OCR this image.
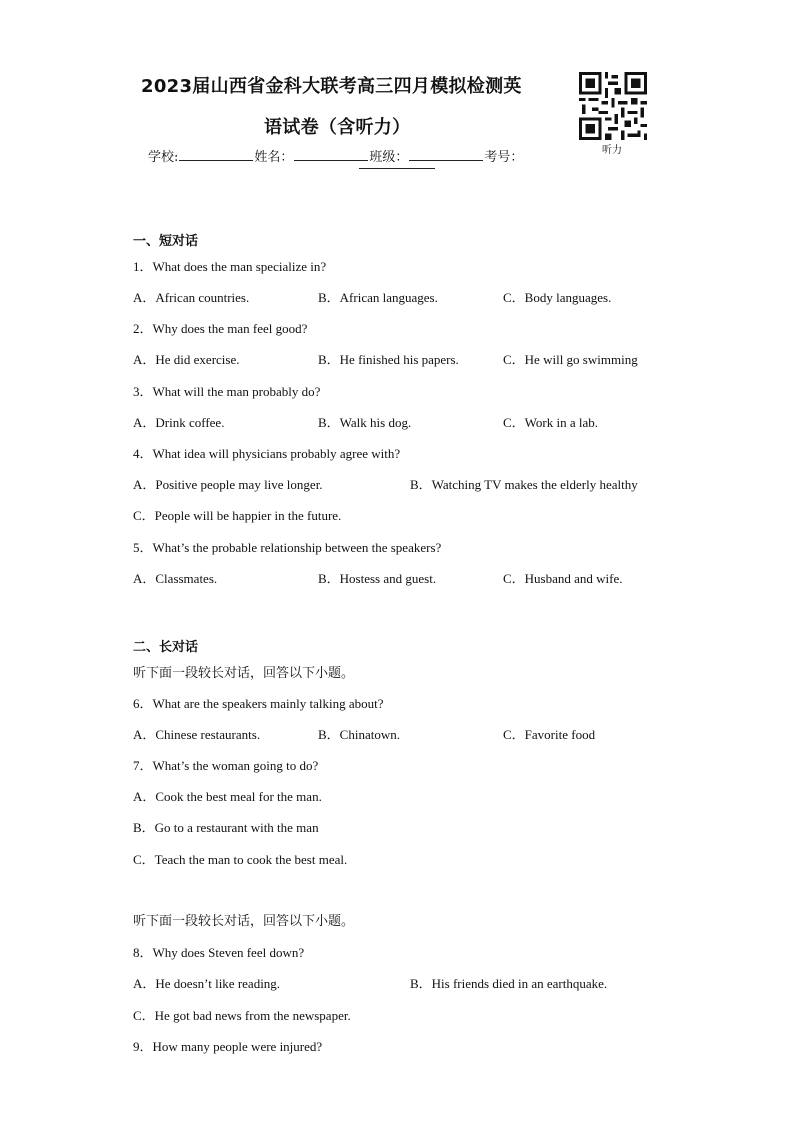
2023届山西省金科大联考高三四月模拟检测英
语试卷（含听力）
听力
学校:	姓名：	班级：	考号：
一、短对话
1．What does the man specialize in?
A．African countries.	B．African languages.	C．Body languages.
2．Why does the man feel good?
A．He did exercise.	B．He finished his papers.	C．He will go swimming
3．What will the man probably do?
A．Drink coffee.	B．Walk his dog.	C．Work in a lab.
4．What idea will physicians probably agree with?
A．Positive people may live longer.	B．Watching TV makes the elderly healthy
C．People will be happier in the future.
5．What’s the probable relationship between the speakers?
A．Classmates.	B．Hostess and guest.	C．Husband and wife.
二、长对话
听下面一段较长对话，回答以下小题。
6．What are the speakers mainly talking about?
A．Chinese restaurants.	B．Chinatown.	C．Favorite food
7．What’s the woman going to do?
A．Cook the best meal for the man.
B．Go to a restaurant with the man
C．Teach the man to cook the best meal.
听下面一段较长对话，回答以下小题。
8．Why does Steven feel down?
A．He doesn’t like reading.	B．His friends died in an earthquake.
C．He got bad news from the newspaper.
9．How many people were injured?
